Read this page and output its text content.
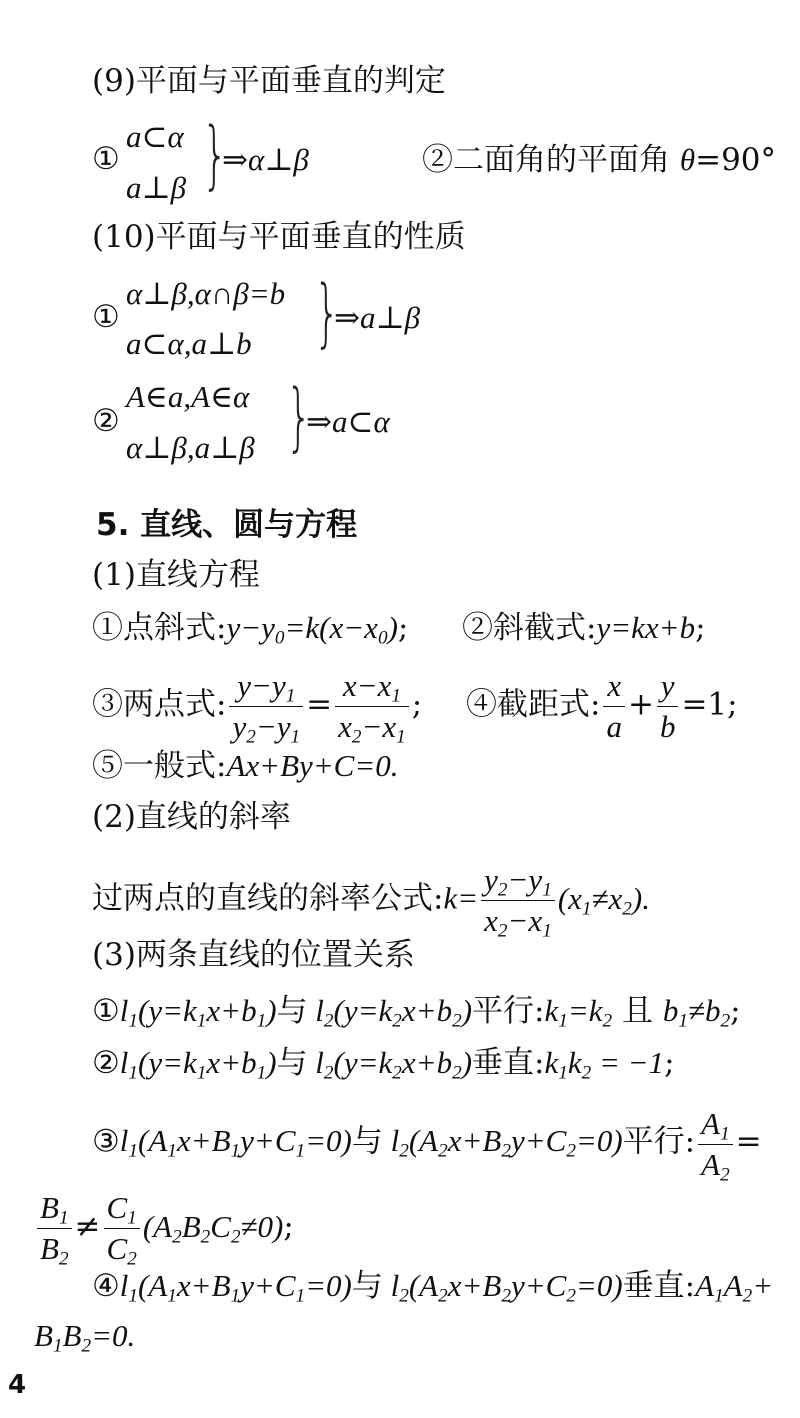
(9)平面与平面垂直的判定
①
a⊂α
a⊥β }
⇒α⊥β	②二面角的平面角 θ=90°
(10)平面与平面垂直的性质
①
α⊥β,α∩β=b
a⊂α,a⊥b }
⇒a⊥β
②
A∈a,A∈α
α⊥β,a⊥β }
⇒a⊂α
5. 直线、圆与方程
(1)直线方程
①点斜式$:y-y_0=k(x-x_0)$; ②斜截式:y=kx+b;
③两点式: $\frac{y-y_1}{y_2-y_1} = \frac{x-x_1}{x_2-x_1}$ ; ④截距式: $\frac{x}{a} + \frac{y}{b} =1$;
⑤一般式:Ax+By+C=0.
(2)直线的斜率
过两点的直线的斜率公式:k= $\frac{y_2-y_1}{x_2-x_1} (x_1\ne x_2)$.
(3)两条直线的位置关系
$①l_1(y=k_1x+b_1)$与 $l_2(y=k_2x+b_2)$平行$:k_1=k_2$ 且 $b_1\ne b_2$;
$②l_1(y=k_1x+b_1)$与 $l_2(y=k_2x+b_2)$垂直$:k_1k_2 = -1$;
$③l_1(A_1x+B_1y+C_1=0)$与 $l_2(A_2x+B_2y+C_2=0)$平行: $\frac{A_1}{A_2}$ =
$\frac{B_1}{B_2} \ne \frac{C_1}{C_2} (A_2B_2C_2\ne 0)$;
$④l_1(A_1x+B_1y+C_1=0)$与 $l_2(A_2x+B_2y+C_2=0)$垂直$:A_1A_2+$
$B_1B_2=0$.
4
